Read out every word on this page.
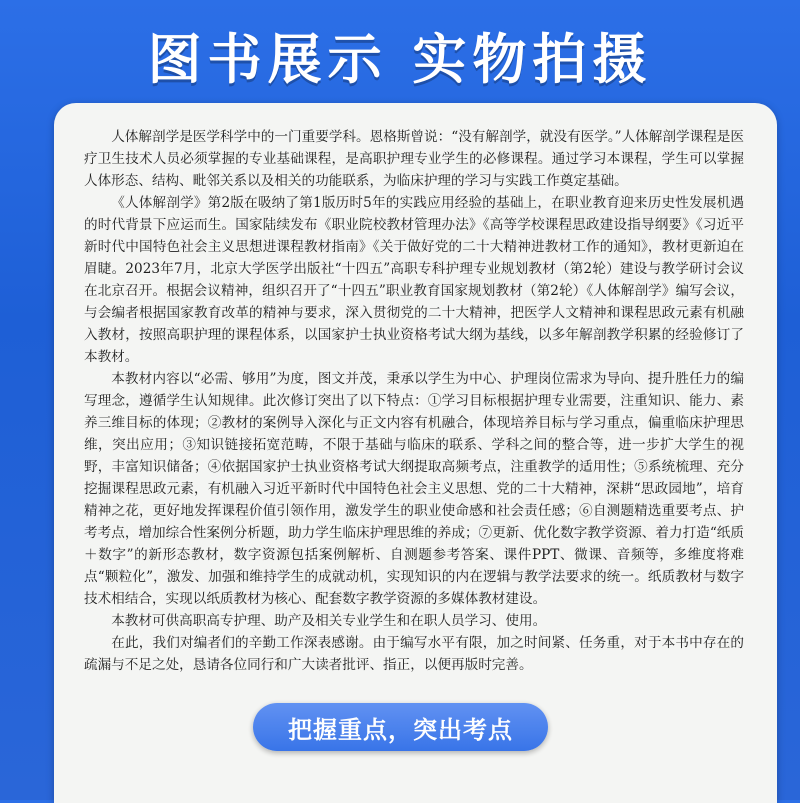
图书展示 实物拍摄

人体解剖学是医学科学中的一门重要学科。恩格斯曾说：“没有解剖学，就没有医学。”人体解剖学课程是医疗卫生技术人员必须掌握的专业基础课程，是高职护理专业学生的必修课程。通过学习本课程，学生可以掌握人体形态、结构、毗邻关系以及相关的功能联系，为临床护理的学习与实践工作奠定基础。

《人体解剖学》第2版在吸纳了第1版历时5年的实践应用经验的基础上，在职业教育迎来历史性发展机遇的时代背景下应运而生。国家陆续发布《职业院校教材管理办法》《高等学校课程思政建设指导纲要》《习近平新时代中国特色社会主义思想进课程教材指南》《关于做好党的二十大精神进教材工作的通知》，教材更新迫在眉睫。2023年7月，北京大学医学出版社“十四五”高职专科护理专业规划教材（第2轮）建设与教学研讨会议在北京召开。根据会议精神，组织召开了“十四五”职业教育国家规划教材（第2轮）《人体解剖学》编写会议，与会编者根据国家教育改革的精神与要求，深入贯彻党的二十大精神，把医学人文精神和课程思政元素有机融入教材，按照高职护理的课程体系，以国家护士执业资格考试大纲为基线，以多年解剖教学积累的经验修订了本教材。

本教材内容以“必需、够用”为度，图文并茂，秉承以学生为中心、护理岗位需求为导向、提升胜任力的编写理念，遵循学生认知规律。此次修订突出了以下特点：①学习目标根据护理专业需要，注重知识、能力、素养三维目标的体现；②教材的案例导入深化与正文内容有机融合，体现培养目标与学习重点，偏重临床护理思维，突出应用；③知识链接拓宽范畴，不限于基础与临床的联系、学科之间的整合等，进一步扩大学生的视野，丰富知识储备；④依据国家护士执业资格考试大纲提取高频考点，注重教学的适用性；⑤系统梳理、充分挖掘课程思政元素，有机融入习近平新时代中国特色社会主义思想、党的二十大精神，深耕“思政园地”，培育精神之花，更好地发挥课程价值引领作用，激发学生的职业使命感和社会责任感；⑥自测题精选重要考点、护考考点，增加综合性案例分析题，助力学生临床护理思维的养成；⑦更新、优化数字教学资源、着力打造“纸质＋数字”的新形态教材，数字资源包括案例解析、自测题参考答案、课件PPT、微课、音频等，多维度将难点“颗粒化”，激发、加强和维持学生的成就动机，实现知识的内在逻辑与教学法要求的统一。纸质教材与数字技术相结合，实现以纸质教材为核心、配套数字教学资源的多媒体教材建设。

本教材可供高职高专护理、助产及相关专业学生和在职人员学习、使用。

在此，我们对编者们的辛勤工作深表感谢。由于编写水平有限，加之时间紧、任务重，对于本书中存在的疏漏与不足之处，恳请各位同行和广大读者批评、指正，以便再版时完善。

把握重点，突出考点
